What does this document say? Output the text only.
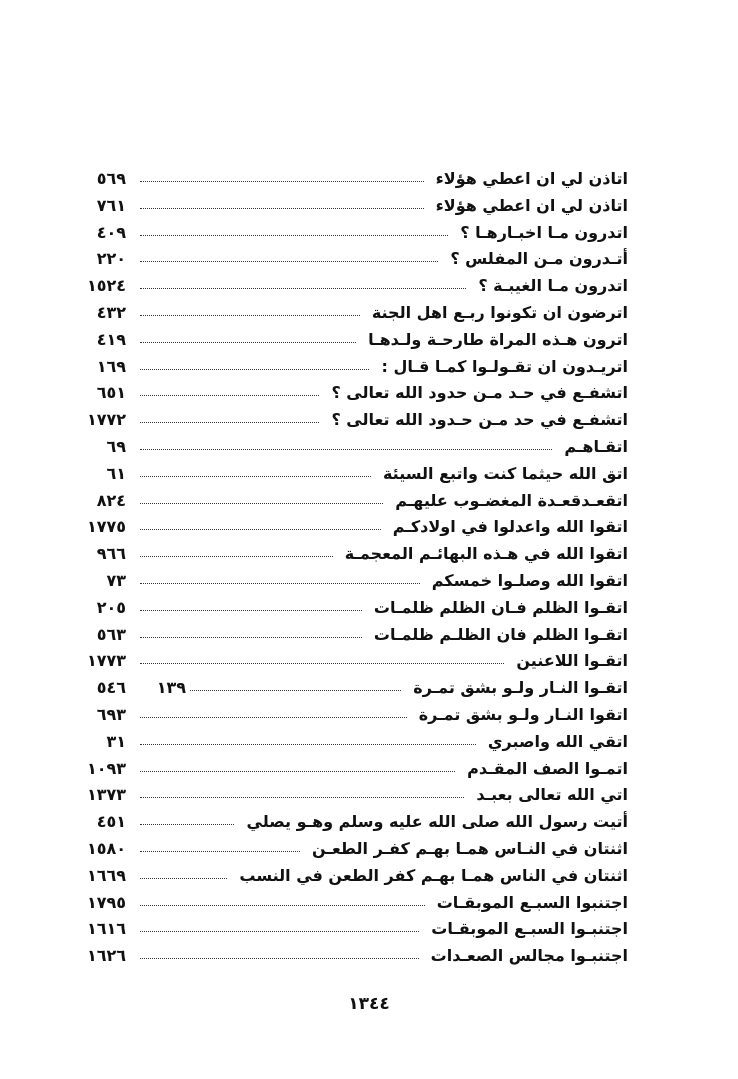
اتاذن لي ان اعطي هؤلاء
٥٦٩
اتاذن لي ان اعطي هؤلاء
٧٦١
اتدرون مـا اخبـارهـا ؟
٤٠٩
أتـدرون مـن المفلس ؟
٢٢٠
اتدرون مـا الغيبـة ؟
١٥٢٤
اترضون ان تكونوا ربـع اهل الجنة
٤٣٢
اترون هـذه المراة طارحـة ولـدهـا
٤١٩
اتريـدون ان تقـولـوا كمـا قـال :
١٦٩
اتشفـع في حـد مـن حدود الله تعالى ؟
٦٥١
اتشفـع في حد مـن حـدود الله تعالى ؟
١٧٧٢
اتقـاهـم
٦٩
اتق الله حيثما كنت واتبع السيئة
٦١
اتقعـدقعـدة المغضـوب عليهـم
٨٢٤
اتقوا الله واعدلوا في اولادكـم
١٧٧٥
اتقوا الله في هـذه البهائـم المعجمـة
٩٦٦
اتقوا الله وصلـوا خمسكم
٧٣
اتقـوا الظلم فـان الظلم ظلمـات
٢٠٥
اتقـوا الظلم فان الظلـم ظلمـات
٥٦٣
اتقـوا اللاعنين
١٧٧٣
اتقـوا النـار ولـو بشق تمـرة
١٣٩
٥٤٦
اتقوا النـار ولـو بشق تمـرة
٦٩٣
اتقي الله واصبري
٣١
اتمـوا الصف المقـدم
١٠٩٣
اتي الله تعالى بعبـد
١٣٧٣
أتيت رسول الله صلى الله عليه وسلم وهـو يصلي
٤٥١
اثنتان في النـاس همـا بهـم كفـر الطعـن
١٥٨٠
اثنتان في الناس همـا بهـم كفر الطعن في النسب
١٦٦٩
اجتنبوا السبـع الموبقـات
١٧٩٥
اجتنبـوا السبـع الموبقـات
١٦١٦
اجتنبـوا مجالس الصعـدات
١٦٢٦
١٣٤٤
